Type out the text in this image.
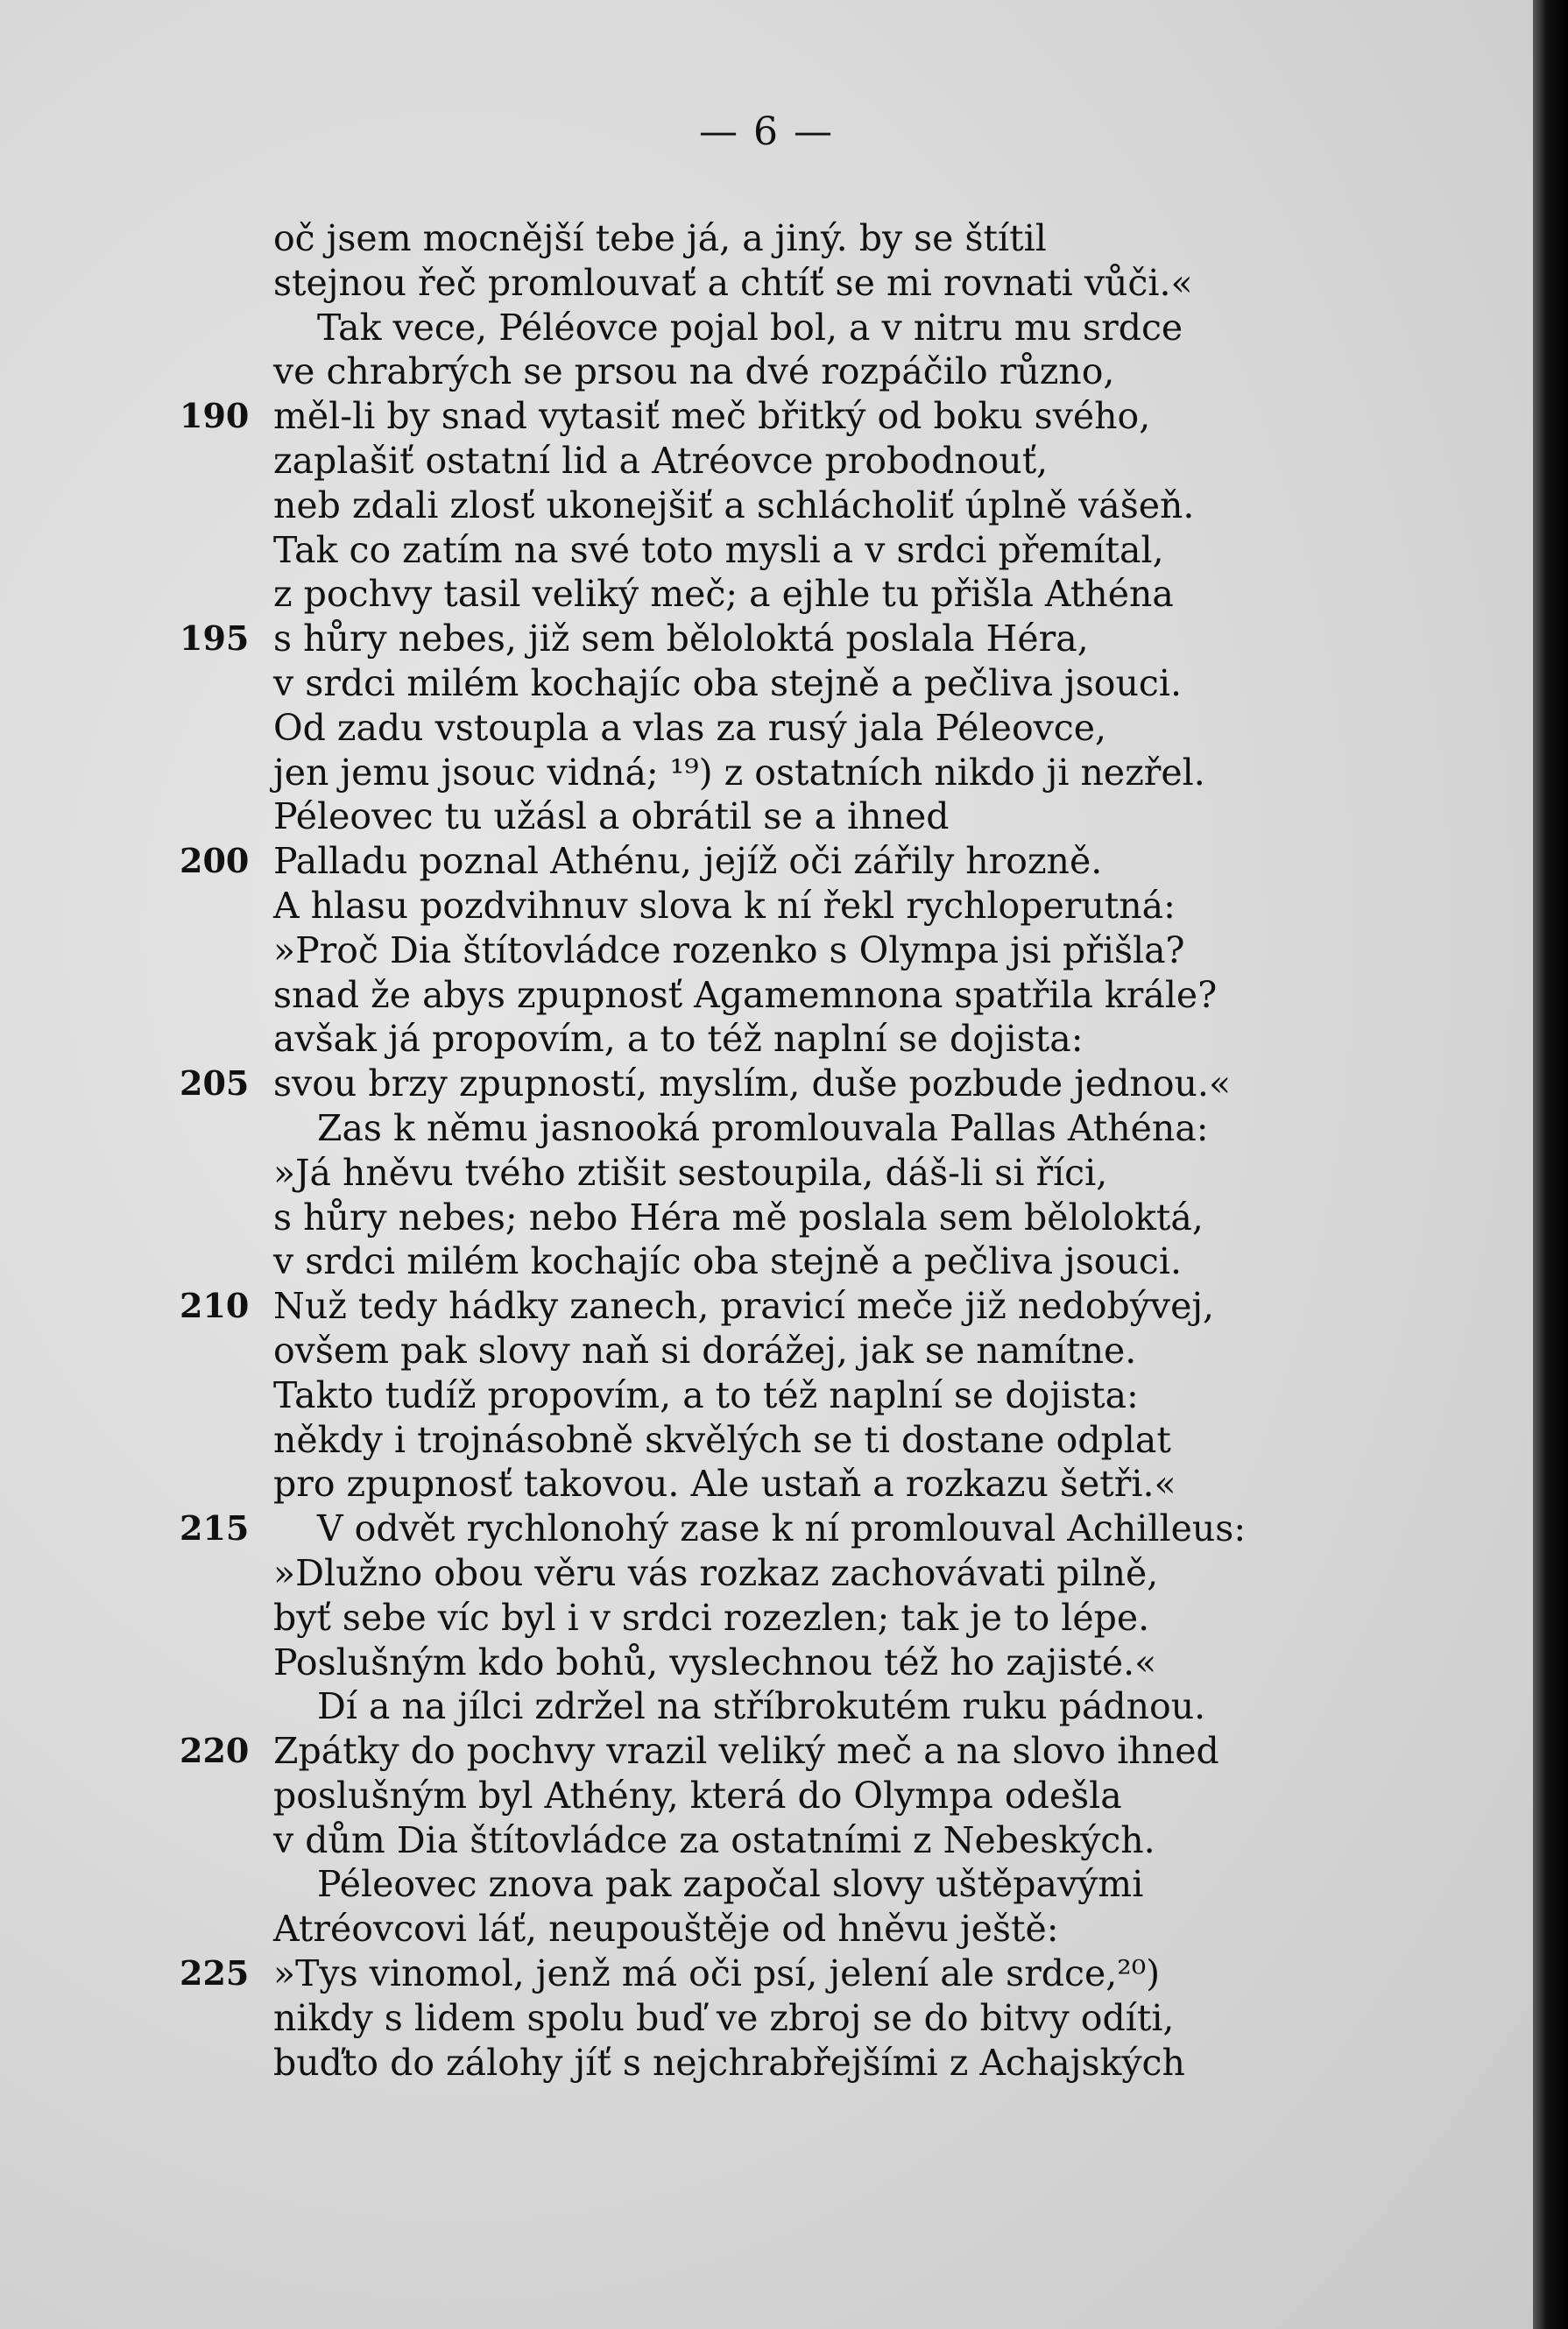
— 6 —
oč jsem mocnější tebe já, a jiný. by se štítil
stejnou řeč promlouvať a chtíť se mi rovnati vůči.«
Tak vece, Péléovce pojal bol, a v nitru mu srdce
ve chrabrých se prsou na dvé rozpáčilo různo,
190 měl-li by snad vytasiť meč břitký od boku svého,
zaplašiť ostatní lid a Atréovce probodnouť,
neb zdali zlosť ukonejšiť a schlácholiť úplně vášeň.
Tak co zatím na své toto mysli a v srdci přemítal,
z pochvy tasil veliký meč; a ejhle tu přišla Athéna
195 s hůry nebes, již sem běloloktá poslala Héra,
v srdci milém kochajíc oba stejně a pečliva jsouci.
Od zadu vstoupla a vlas za rusý jala Péleovce,
jen jemu jsouc vidná; ¹⁹) z ostatních nikdo ji nezřel.
Péleovec tu užásl a obrátil se a ihned
200 Palladu poznal Athénu, jejíž oči zářily hrozně.
A hlasu pozdvihnuv slova k ní řekl rychloperutná:
»Proč Dia štítovládce rozenko s Olympa jsi přišla?
snad že abys zpupnosť Agamemnona spatřila krále?
avšak já propovím, a to též naplní se dojista:
205 svou brzy zpupností, myslím, duše pozbude jednou.«
Zas k němu jasnooká promlouvala Pallas Athéna:
»Já hněvu tvého ztišit sestoupila, dáš-li si říci,
s hůry nebes; nebo Héra mě poslala sem běloloktá,
v srdci milém kochajíc oba stejně a pečliva jsouci.
210 Nuž tedy hádky zanech, pravicí meče již nedobývej,
ovšem pak slovy naň si dorážej, jak se namítne.
Takto tudíž propovím, a to též naplní se dojista:
někdy i trojnásobně skvělých se ti dostane odplat
pro zpupnosť takovou. Ale ustaň a rozkazu šetři.«
215 V odvět rychlonohý zase k ní promlouval Achilleus:
»Dlužno obou věru vás rozkaz zachovávati pilně,
byť sebe víc byl i v srdci rozezlen; tak je to lépe.
Poslušným kdo bohů, vyslechnou též ho zajisté.«
Dí a na jílci zdržel na stříbrokutém ruku pádnou.
220 Zpátky do pochvy vrazil veliký meč a na slovo ihned
poslušným byl Athény, která do Olympa odešla
v dům Dia štítovládce za ostatními z Nebeských.
Péleovec znova pak započal slovy uštěpavými
Atréovcovi láť, neupouštěje od hněvu ještě:
225 »Tys vinomol, jenž má oči psí, jelení ale srdce,²⁰)
nikdy s lidem spolu buď ve zbroj se do bitvy odíti,
buďto do zálohy jíť s nejchrabřejšími z Achajských
